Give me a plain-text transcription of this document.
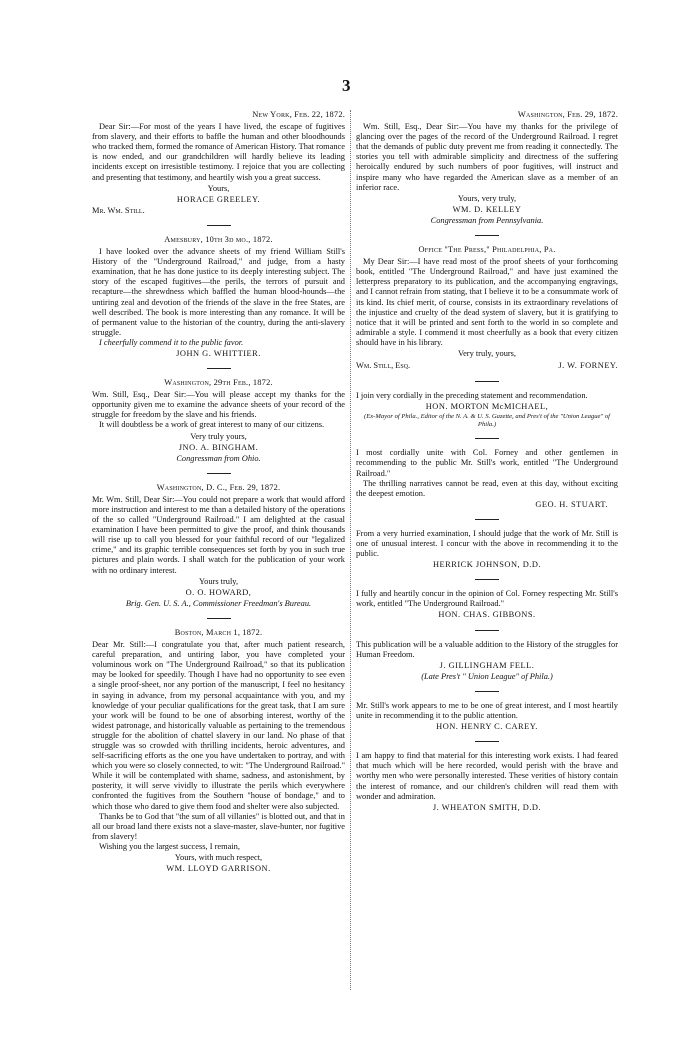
3

New York, Feb. 22, 1872.

Dear Sir:—For most of the years I have lived, the escape of fugitives from slavery, and their efforts to baffle the human and other bloodhounds who tracked them, formed the romance of American History. That romance is now ended, and our grandchildren will hardly believe its leading incidents except on irresistible testimony. I rejoice that you are collecting and presenting that testimony, and heartily wish you a great success.

Yours,

HORACE GREELEY.

Mr. Wm. Still.

Amesbury, 10th 3d mo., 1872.

I have looked over the advance sheets of my friend William Still's History of the "Underground Railroad," and judge, from a hasty examination, that he has done justice to its deeply interesting subject. The story of the escaped fugitives—the perils, the terrors of pursuit and recapture—the shrewdness which baffled the human blood-hounds—the untiring zeal and devotion of the friends of the slave in the free States, are well described. The book is more interesting than any romance. It will be of permanent value to the historian of the country, during the anti-slavery struggle.

I cheerfully commend it to the public favor.

JOHN G. WHITTIER.

Washington, 29th Feb., 1872.

Wm. Still, Esq., Dear Sir:—You will please accept my thanks for the opportunity given me to examine the advance sheets of your record of the struggle for freedom by the slave and his friends.

It will doubtless be a work of great interest to many of our citizens.

Very truly yours,

JNO. A. BINGHAM.

Congressman from Ohio.

Washington, D. C., Feb. 29, 1872.

Mr. Wm. Still, Dear Sir:—You could not prepare a work that would afford more instruction and interest to me than a detailed history of the operations of the so called "Underground Railroad." I am delighted at the casual examination I have been permitted to give the proof, and think thousands will rise up to call you blessed for your faithful record of our "legalized crime," and its graphic terrible consequences set forth by you in such true pictures and plain words. I shall watch for the publication of your work with no ordinary interest.

Yours truly,

O. O. HOWARD,

Brig. Gen. U. S. A., Commissioner Freedman's Bureau.

Boston, March 1, 1872.

Dear Mr. Still:—I congratulate you that, after much patient research, careful preparation, and untiring labor, you have completed your voluminous work on "The Underground Railroad," so that its publication may be looked for speedily. Though I have had no opportunity to see even a single proof-sheet, nor any portion of the manuscript, I feel no hesitancy in saying in advance, from my personal acquaintance with you, and my knowledge of your peculiar qualifications for the great task, that I am sure your work will be found to be one of absorbing interest, worthy of the widest patronage, and historically valuable as pertaining to the tremendous struggle for the abolition of chattel slavery in our land. No phase of that struggle was so crowded with thrilling incidents, heroic adventures, and self-sacrificing efforts as the one you have undertaken to portray, and with which you were so closely connected, to wit: "The Underground Railroad." While it will be contemplated with shame, sadness, and astonishment, by posterity, it will serve vividly to illustrate the perils which everywhere confronted the fugitives from the Southern "house of bondage," and to which those who dared to give them food and shelter were also subjected.

Thanks be to God that "the sum of all villanies" is blotted out, and that in all our broad land there exists not a slave-master, slave-hunter, nor fugitive from slavery!

Wishing you the largest success, I remain,

Yours, with much respect,

WM. LLOYD GARRISON.

Washington, Feb. 29, 1872.

Wm. Still, Esq., Dear Sir:—You have my thanks for the privilege of glancing over the pages of the record of the Underground Railroad. I regret that the demands of public duty prevent me from reading it connectedly. The stories you tell with admirable simplicity and directness of the suffering heroically endured by such numbers of poor fugitives, will instruct and inspire many who have regarded the American slave as a member of an inferior race.

Yours, very truly,

WM. D. KELLEY

Congressman from Pennsylvania.

Office "The Press," Philadelphia, Pa.

My Dear Sir:—I have read most of the proof sheets of your forthcoming book, entitled "The Underground Railroad," and have just examined the letterpress preparatory to its publication, and the accompanying engravings, and I cannot refrain from stating, that I believe it to be a consummate work of its kind. Its chief merit, of course, consists in its extraordinary revelations of the injustice and cruelty of the dead system of slavery, but it is gratifying to notice that it will be printed and sent forth to the world in so complete and admirable a style. I commend it most cheerfully as a book that every citizen should have in his library.

Very truly, yours,

Wm. Still, Esq.	J. W. FORNEY.

I join very cordially in the preceding statement and recommendation.

HON. MORTON McMICHAEL,

(Ex-Mayor of Phila., Editor of the N. A. & U. S. Gazette, and Pres't of the "Union League" of Phila.)

I most cordially unite with Col. Forney and other gentlemen in recommending to the public Mr. Still's work, entitled "The Underground Railroad."

The thrilling narratives cannot be read, even at this day, without exciting the deepest emotion.

GEO. H. STUART.

From a very hurried examination, I should judge that the work of Mr. Still is one of unusual interest. I concur with the above in recommending it to the public.

HERRICK JOHNSON, D.D.

I fully and heartily concur in the opinion of Col. Forney respecting Mr. Still's work, entitled "The Underground Railroad."

HON. CHAS. GIBBONS.

This publication will be a valuable addition to the History of the struggles for Human Freedom.

J. GILLINGHAM FELL.

(Late Pres't " Union League" of Phila.)

Mr. Still's work appears to me to be one of great interest, and I most heartily unite in recommending it to the public attention.

HON. HENRY C. CAREY.

I am happy to find that material for this interesting work exists. I had feared that much which will be here recorded, would perish with the brave and worthy men who were personally interested. These verities of history contain the interest of romance, and our children's children will read them with wonder and admiration.

J. WHEATON SMITH, D.D.
